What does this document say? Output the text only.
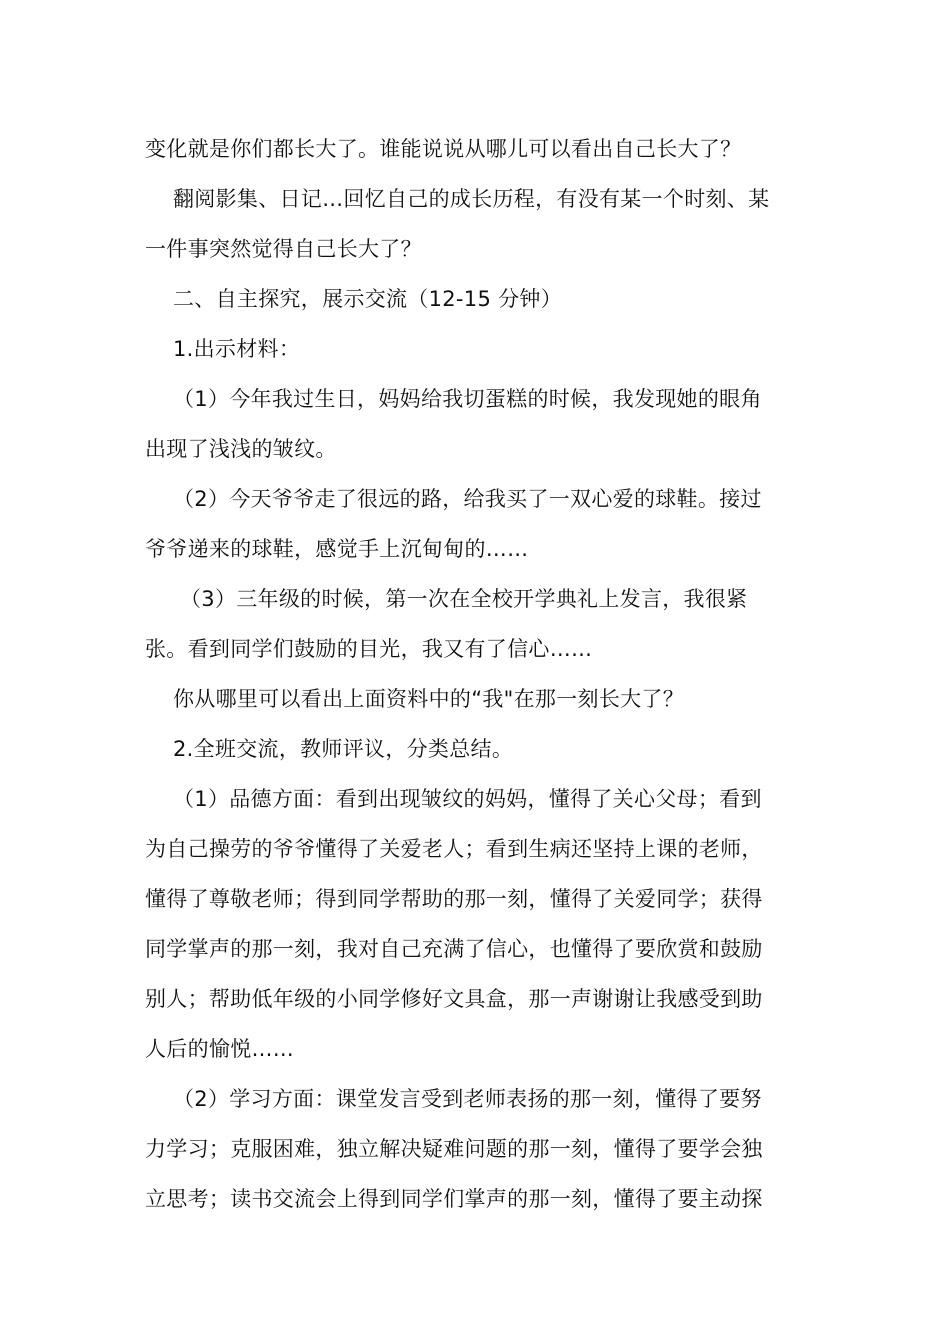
变化就是你们都长大了。谁能说说从哪儿可以看出自己长大了？
翻阅影集、日记…回忆自己的成长历程，有没有某一个时刻、某
一件事突然觉得自己长大了？
二、自主探究，展示交流（12-15 分钟）
1.出示材料：
（1）今年我过生日，妈妈给我切蛋糕的时候，我发现她的眼角
出现了浅浅的皱纹。
（2）今天爷爷走了很远的路，给我买了一双心爱的球鞋。接过
爷爷递来的球鞋，感觉手上沉甸甸的……
（3）三年级的时候，第一次在全校开学典礼上发言，我很紧
张。看到同学们鼓励的目光，我又有了信心……
你从哪里可以看出上面资料中的“我"在那一刻长大了？
2.全班交流，教师评议，分类总结。
（1）品德方面：看到出现皱纹的妈妈，懂得了关心父母；看到
为自己操劳的爷爷懂得了关爱老人；看到生病还坚持上课的老师，
懂得了尊敬老师；得到同学帮助的那一刻，懂得了关爱同学；获得
同学掌声的那一刻，我对自己充满了信心，也懂得了要欣赏和鼓励
别人；帮助低年级的小同学修好文具盒，那一声谢谢让我感受到助
人后的愉悦……
（2）学习方面：课堂发言受到老师表扬的那一刻，懂得了要努
力学习；克服困难，独立解决疑难问题的那一刻，懂得了要学会独
立思考；读书交流会上得到同学们掌声的那一刻，懂得了要主动探
